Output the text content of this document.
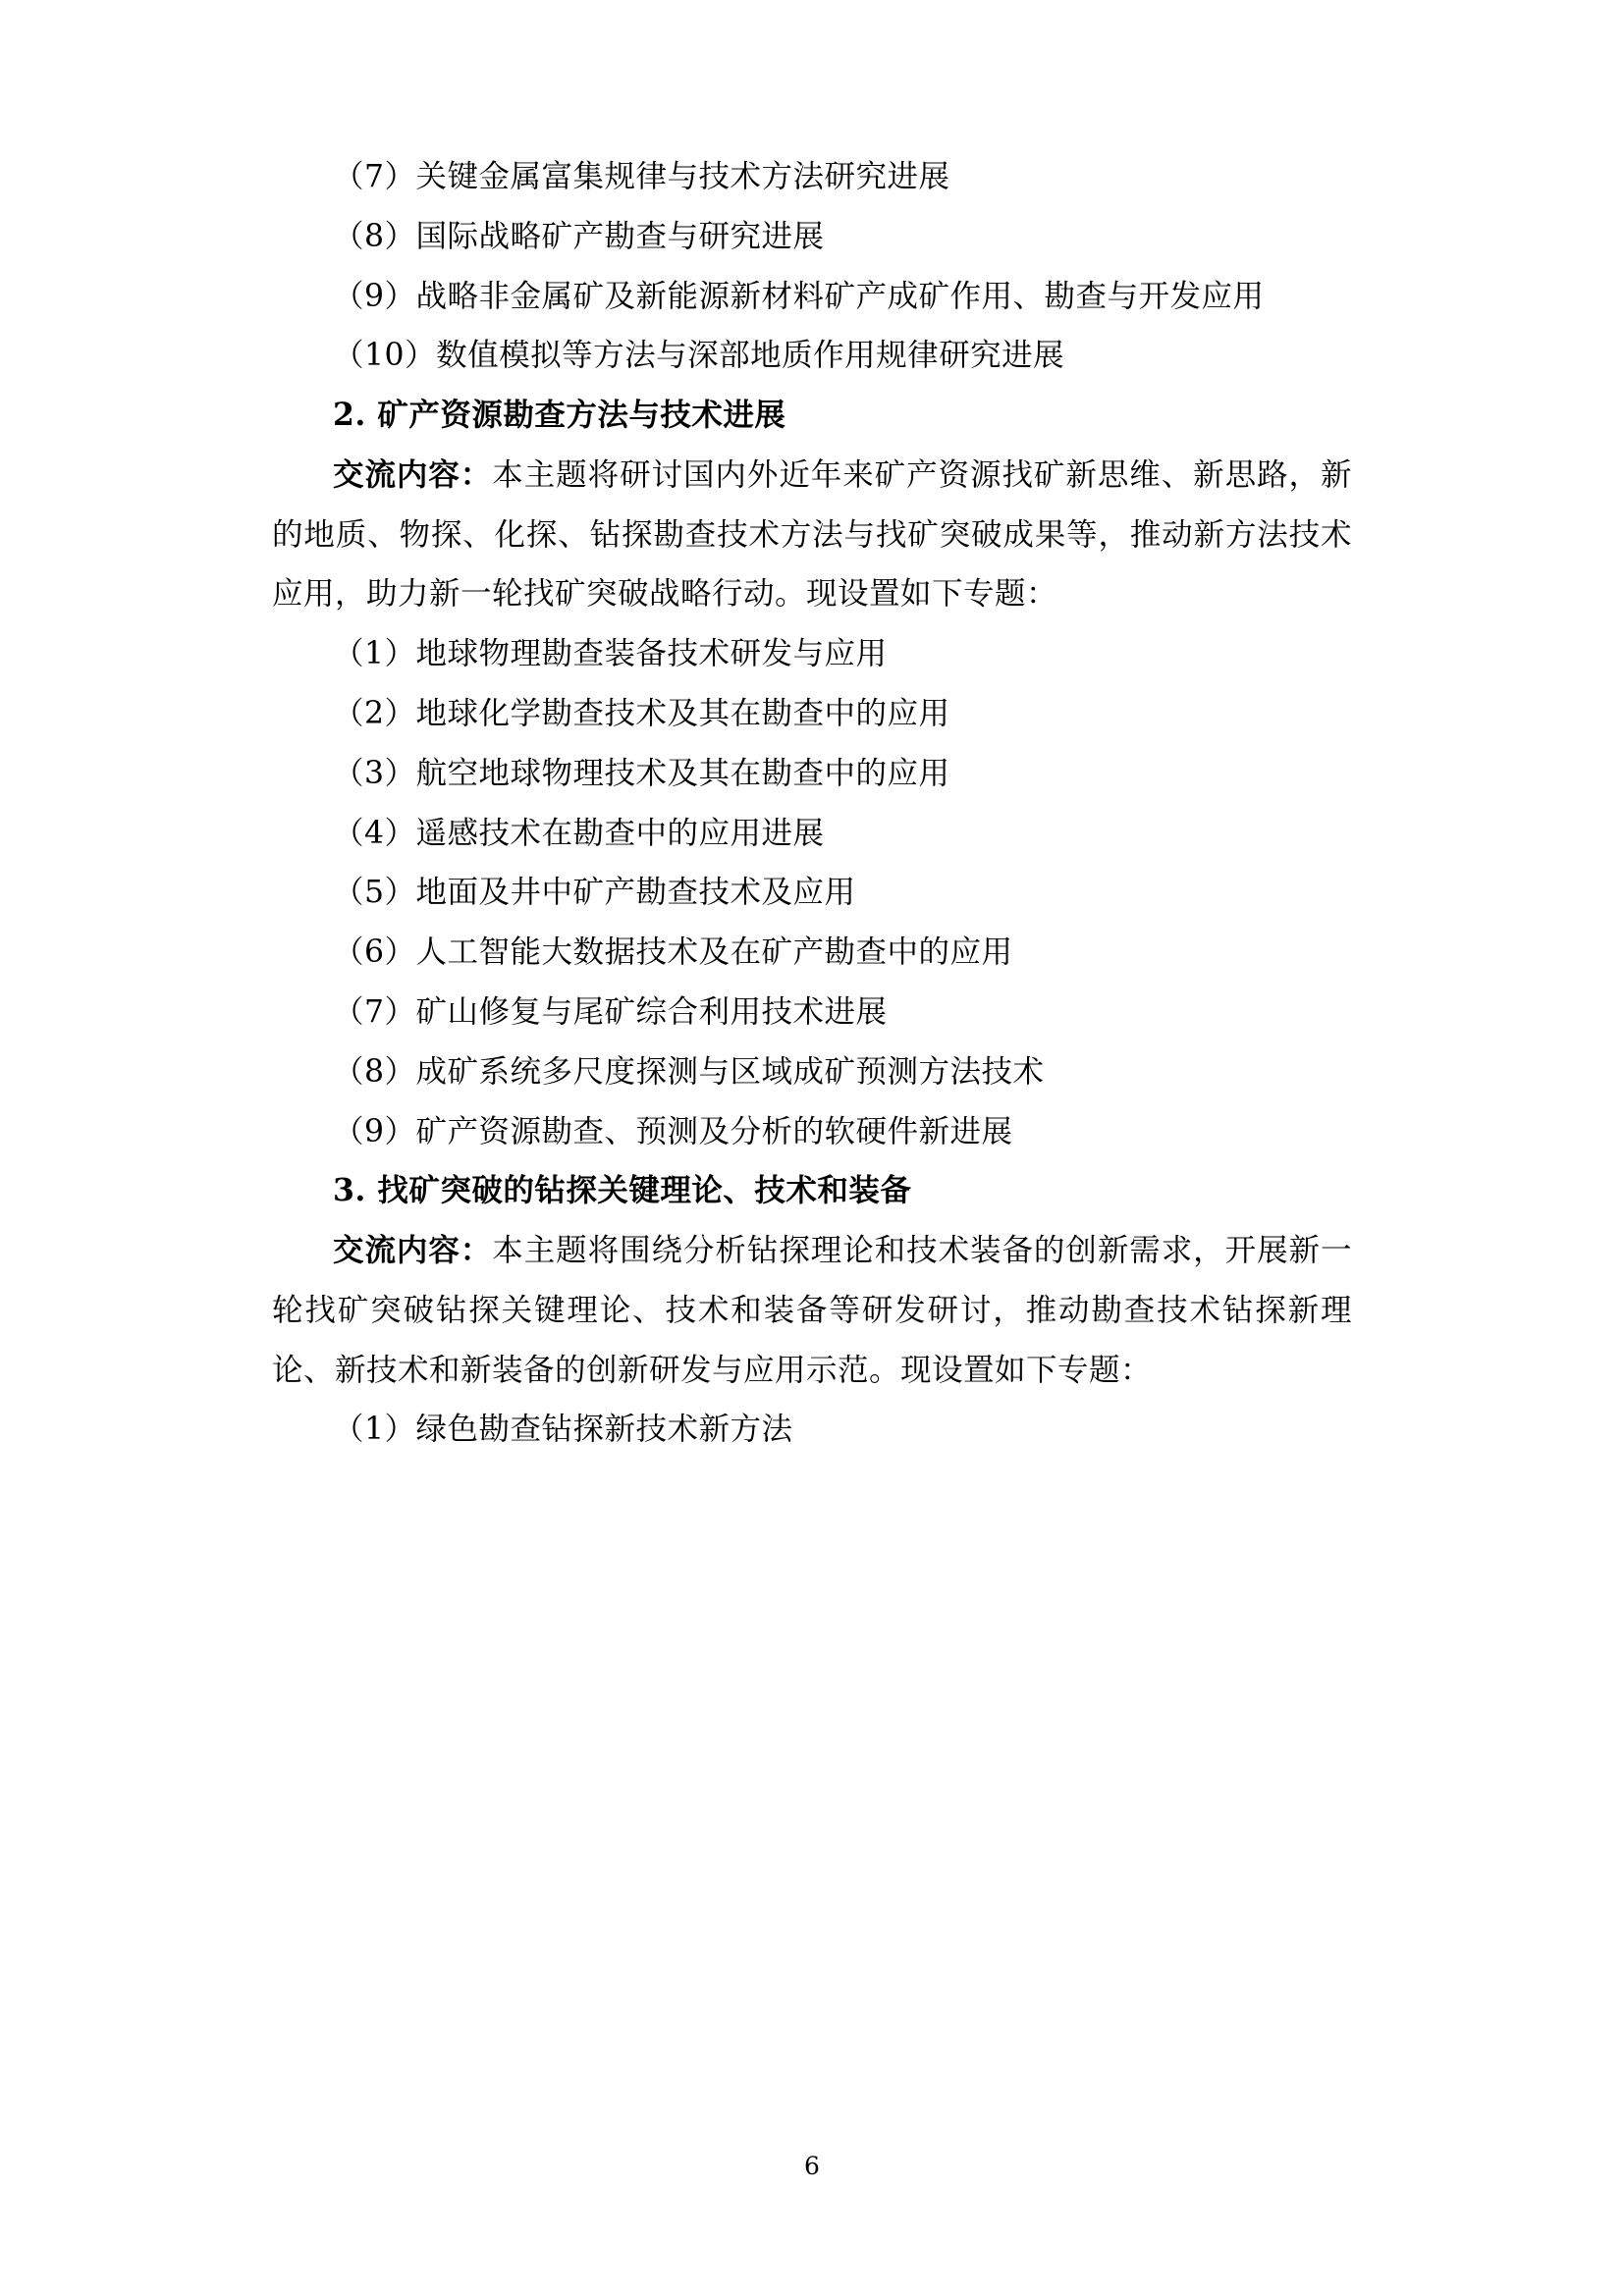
（7）关键金属富集规律与技术方法研究进展

（8）国际战略矿产勘查与研究进展

（9）战略非金属矿及新能源新材料矿产成矿作用、勘查与开发应用

（10）数值模拟等方法与深部地质作用规律研究进展

2. 矿产资源勘查方法与技术进展

交流内容：本主题将研讨国内外近年来矿产资源找矿新思维、新思路，新的地质、物探、化探、钻探勘查技术方法与找矿突破成果等，推动新方法技术应用，助力新一轮找矿突破战略行动。现设置如下专题：

（1）地球物理勘查装备技术研发与应用

（2）地球化学勘查技术及其在勘查中的应用

（3）航空地球物理技术及其在勘查中的应用

（4）遥感技术在勘查中的应用进展

（5）地面及井中矿产勘查技术及应用

（6）人工智能大数据技术及在矿产勘查中的应用

（7）矿山修复与尾矿综合利用技术进展

（8）成矿系统多尺度探测与区域成矿预测方法技术

（9）矿产资源勘查、预测及分析的软硬件新进展

3. 找矿突破的钻探关键理论、技术和装备

交流内容：本主题将围绕分析钻探理论和技术装备的创新需求，开展新一轮找矿突破钻探关键理论、技术和装备等研发研讨，推动勘查技术钻探新理论、新技术和新装备的创新研发与应用示范。现设置如下专题：

（1）绿色勘查钻探新技术新方法

6
